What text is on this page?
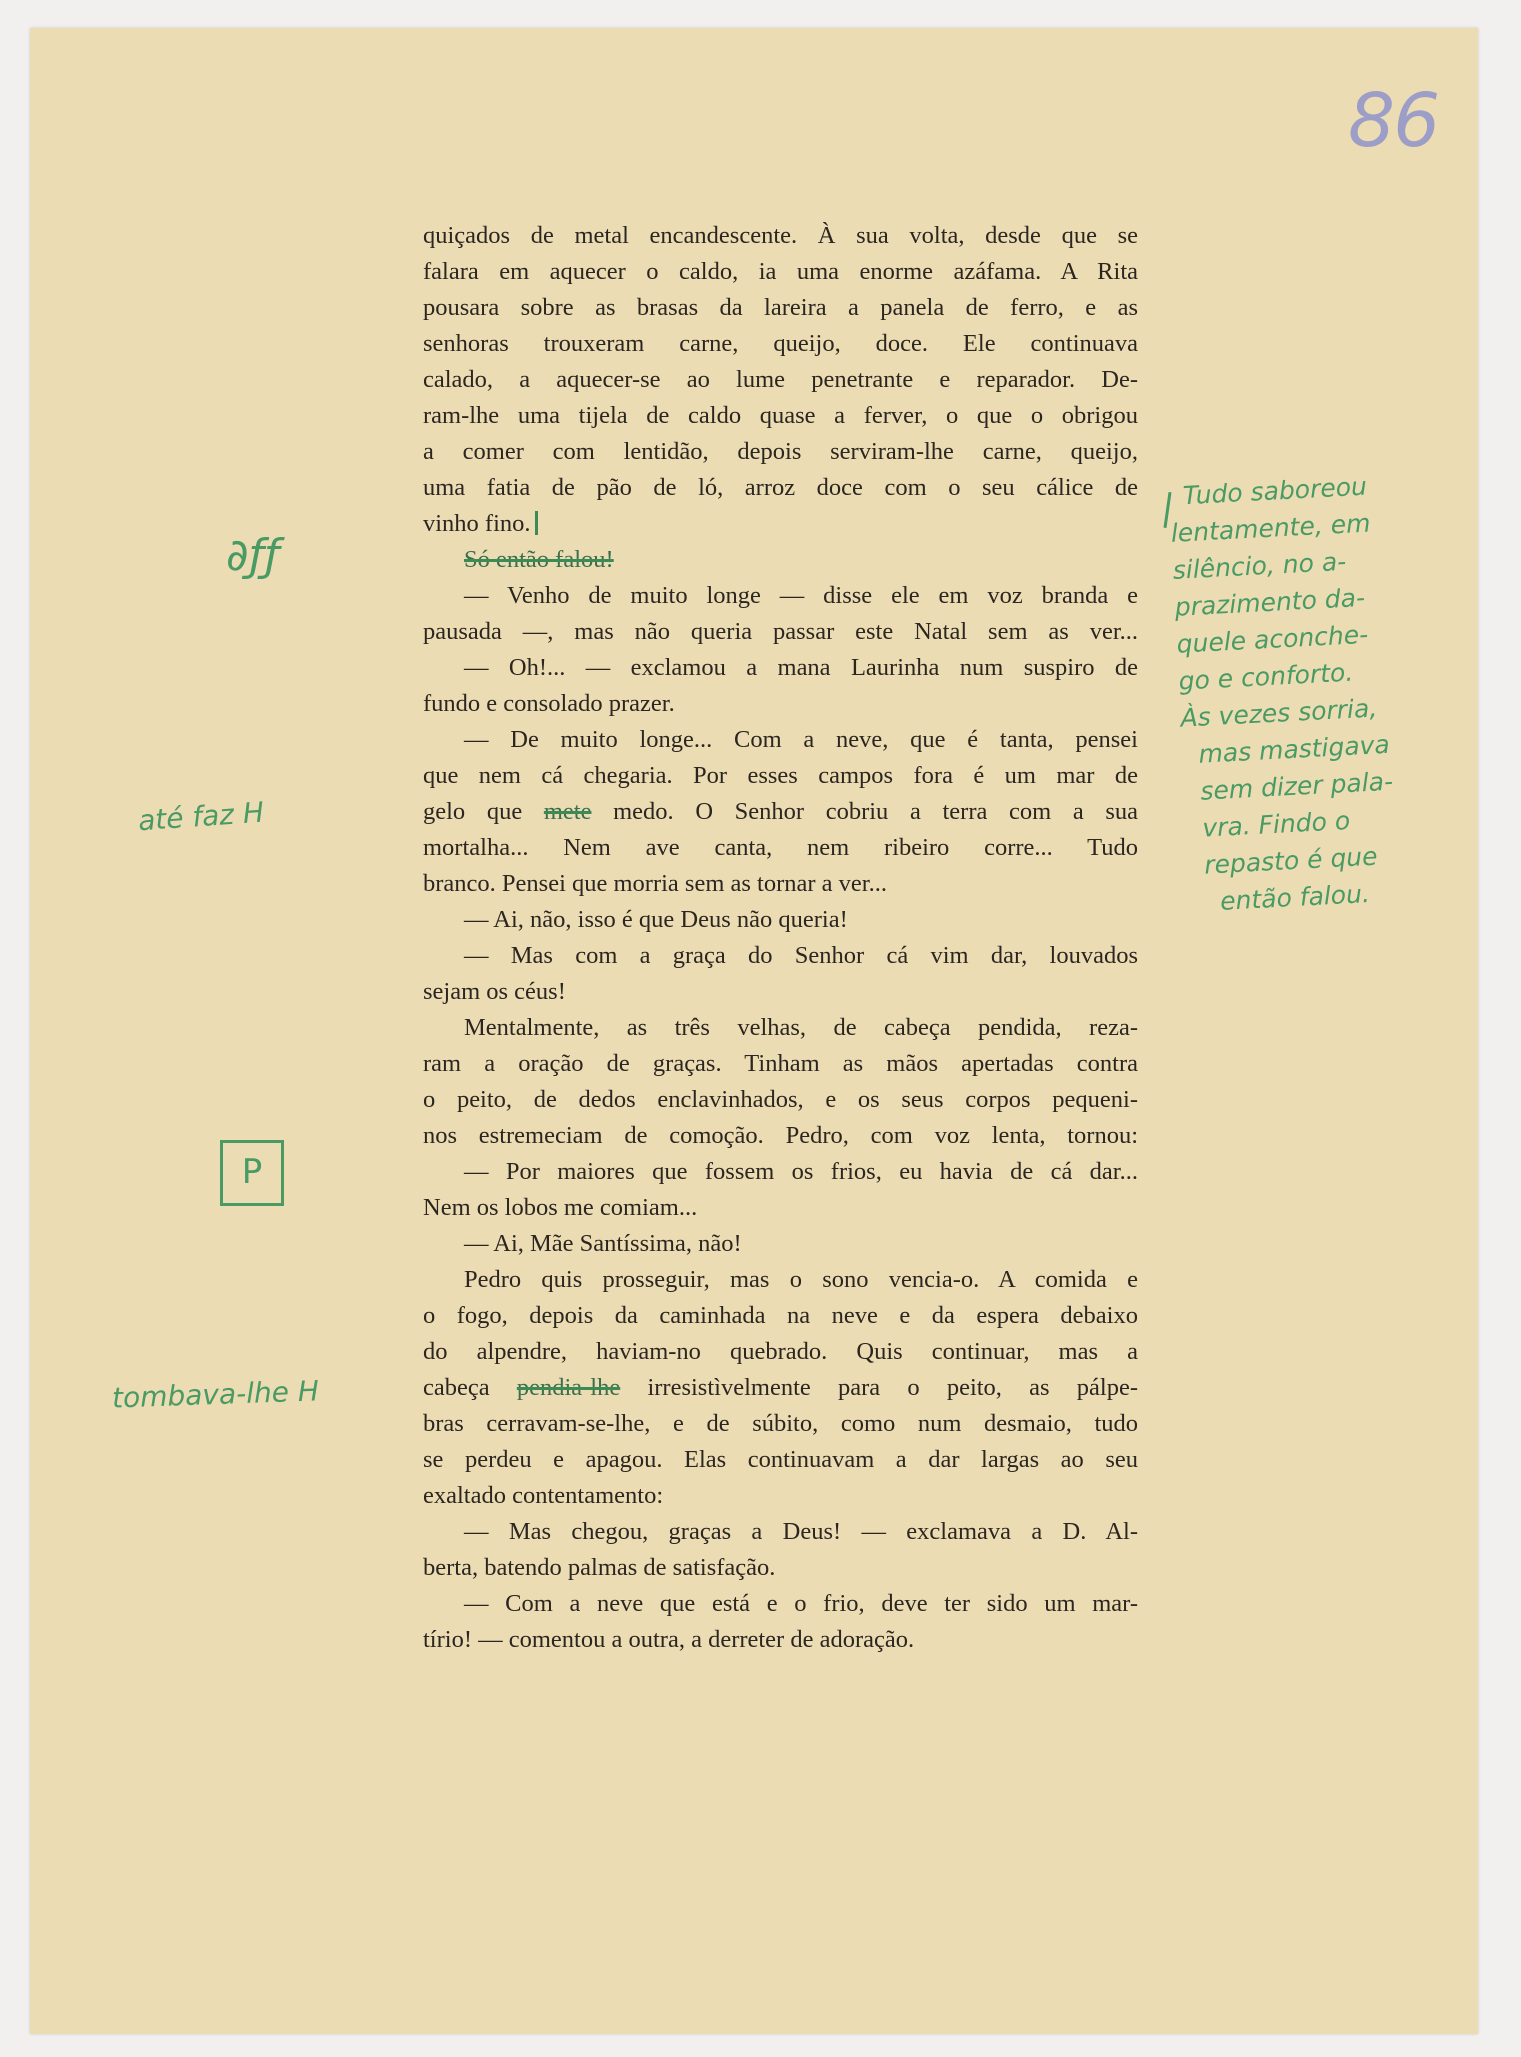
86
quiçados de metal encandescente. À sua volta, desde que se
falara em aquecer o caldo, ia uma enorme azáfama. A Rita
pousara sobre as brasas da lareira a panela de ferro, e as
senhoras trouxeram carne, queijo, doce. Ele continuava
calado, a aquecer-se ao lume penetrante e reparador. De-
ram-lhe uma tijela de caldo quase a ferver, o que o obrigou
a comer com lentidão, depois serviram-lhe carne, queijo,
uma fatia de pão de ló, arroz doce com o seu cálice de
vinho fino.
Só então falou!
— Venho de muito longe — disse ele em voz branda e
pausada —, mas não queria passar este Natal sem as ver...
— Oh!... — exclamou a mana Laurinha num suspiro de
fundo e consolado prazer.
— De muito longe... Com a neve, que é tanta, pensei
que nem cá chegaria. Por esses campos fora é um mar de
gelo que mete medo. O Senhor cobriu a terra com a sua
mortalha... Nem ave canta, nem ribeiro corre... Tudo
branco. Pensei que morria sem as tornar a ver...
— Ai, não, isso é que Deus não queria!
— Mas com a graça do Senhor cá vim dar, louvados
sejam os céus!
Mentalmente, as três velhas, de cabeça pendida, reza-
ram a oração de graças. Tinham as mãos apertadas contra
o peito, de dedos enclavinhados, e os seus corpos pequeni-
nos estremeciam de comoção. Pedro, com voz lenta, tornou:
— Por maiores que fossem os frios, eu havia de cá dar...
Nem os lobos me comiam...
— Ai, Mãe Santíssima, não!
Pedro quis prosseguir, mas o sono vencia-o. A comida e
o fogo, depois da caminhada na neve e da espera debaixo
do alpendre, haviam-no quebrado. Quis continuar, mas a
cabeça pendia-lhe irresistìvelmente para o peito, as pálpe-
bras cerravam-se-lhe, e de súbito, como num desmaio, tudo
se perdeu e apagou. Elas continuavam a dar largas ao seu
exaltado contentamento:
— Mas chegou, graças a Deus! — exclamava a D. Al-
berta, batendo palmas de satisfação.
— Com a neve que está e o frio, deve ter sido um mar-
tírio! — comentou a outra, a derreter de adoração.
∂ƒƒ
até faz H
P
tombava-lhe H
Tudo saboreou
lentamente, em
silêncio, no a-
prazimento da-
quele aconche-
go e conforto.
Às vezes sorria,
mas mastigava
sem dizer pala-
vra. Findo o
repasto é que
então falou.
